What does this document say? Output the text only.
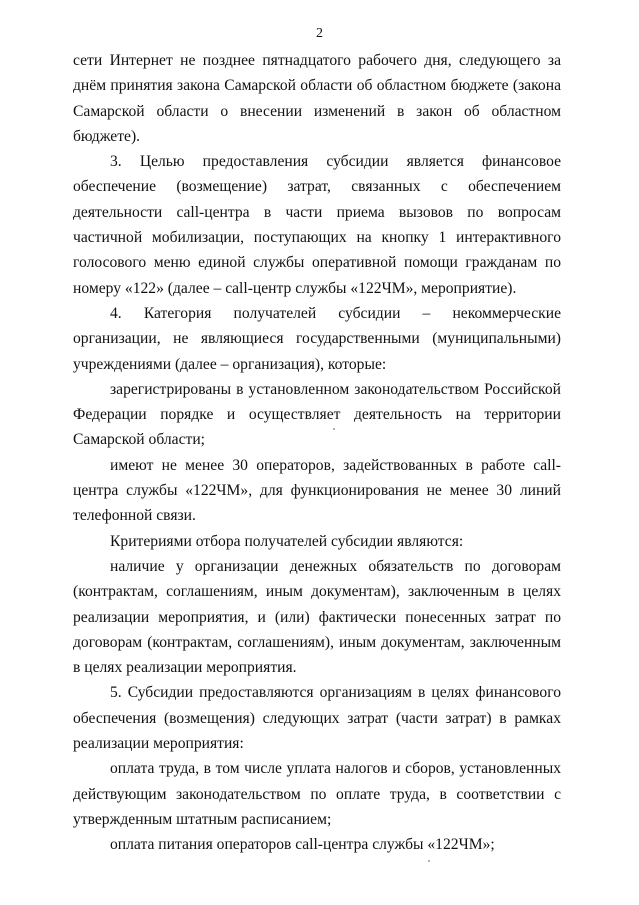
2

сети Интернет не позднее пятнадцатого рабочего дня, следующего за днём принятия закона Самарской области об областном бюджете (закона Самарской области о внесении изменений в закон об областном бюджете).

3. Целью предоставления субсидии является финансовое обеспечение (возмещение) затрат, связанных с обеспечением деятельности call-центра в части приема вызовов по вопросам частичной мобилизации, поступающих на кнопку 1 интерактивного голосового меню единой службы оперативной помощи гражданам по номеру «122» (далее – call-центр службы «122ЧМ», мероприятие).

4. Категория получателей субсидии – некоммерческие организации, не являющиеся государственными (муниципальными) учреждениями (далее – организация), которые:

зарегистрированы в установленном законодательством Российской Федерации порядке и осуществляет деятельность на территории Самарской области;

имеют не менее 30 операторов, задействованных в работе call-центра службы «122ЧМ», для функционирования не менее 30 линий телефонной связи.

Критериями отбора получателей субсидии являются:

наличие у организации денежных обязательств по договорам (контрактам, соглашениям, иным документам), заключенным в целях реализации мероприятия, и (или) фактически понесенных затрат по договорам (контрактам, соглашениям), иным документам, заключенным в целях реализации мероприятия.

5. Субсидии предоставляются организациям в целях финансового обеспечения (возмещения) следующих затрат (части затрат) в рамках реализации мероприятия:

оплата труда, в том числе уплата налогов и сборов, установленных действующим законодательством по оплате труда, в соответствии с утвержденным штатным расписанием;

оплата питания операторов call-центра службы «122ЧМ»;
